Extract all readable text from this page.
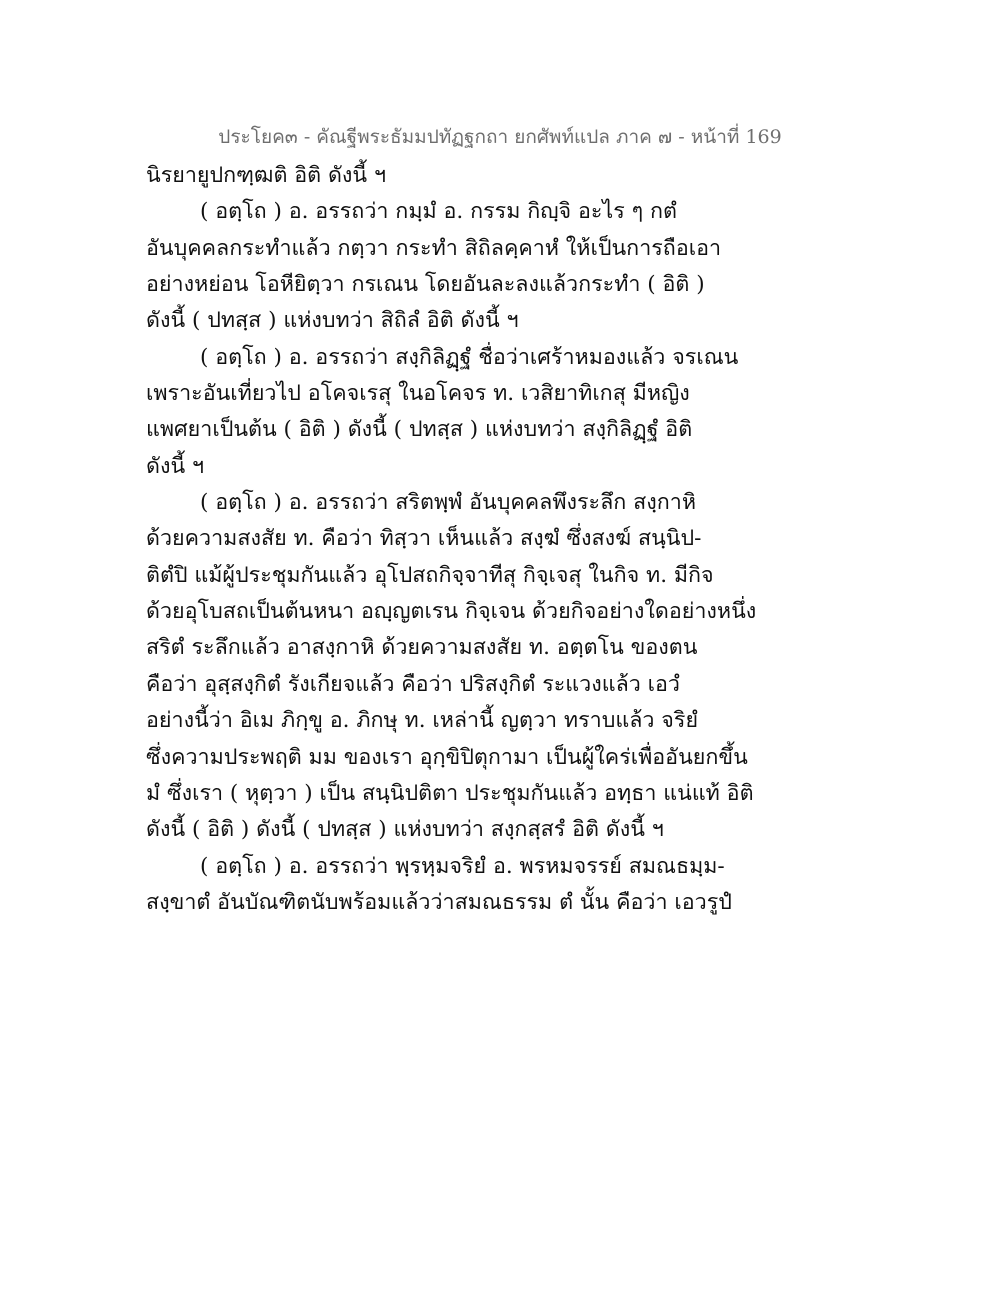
ประโยค๓ - คัณฐีพระธัมมปทัฏฐกถา ยกศัพท์แปล ภาค ๗ - หน้าที่ 169
นิรยายูปกฑฺฒติ อิติ ดังนี้ ฯ
( อตฺโถ ) อ. อรรถว่า กมฺมํ อ. กรรม กิญฺจิ อะไร ๆ กตํ
อันบุคคลกระทำแล้ว กตฺวา กระทำ สิถิลคฺคาหํ ให้เป็นการถือเอา
อย่างหย่อน โอหียิตฺวา กรเณน โดยอันละลงแล้วกระทำ ( อิติ )
ดังนี้ ( ปทสฺส ) แห่งบทว่า สิถิลํ อิติ ดังนี้ ฯ
( อตฺโถ ) อ. อรรถว่า สงฺกิลิฏฺฐํ ชื่อว่าเศร้าหมองแล้ว จรเณน
เพราะอันเที่ยวไป อโคจเรสุ ในอโคจร ท. เวสิยาทิเกสุ มีหญิง
แพศยาเป็นต้น ( อิติ ) ดังนี้ ( ปทสฺส ) แห่งบทว่า สงฺกิลิฏฺฐํ อิติ
ดังนี้ ฯ
( อตฺโถ ) อ. อรรถว่า สริตพฺพํ อันบุคคลพึงระลึก สงฺกาหิ
ด้วยความสงสัย ท. คือว่า ทิสฺวา เห็นแล้ว สงฺฆํ ซึ่งสงฆ์ สนฺนิป-
ติตํปิ แม้ผู้ประชุมกันแล้ว อุโปสถกิจฺจาทีสุ กิจฺเจสุ ในกิจ ท. มีกิจ
ด้วยอุโบสถเป็นต้นหนา อญฺญตเรน กิจฺเจน ด้วยกิจอย่างใดอย่างหนึ่ง
สริตํ ระลึกแล้ว อาสงฺกาหิ ด้วยความสงสัย ท. อตฺตโน ของตน
คือว่า อุสฺสงฺกิตํ รังเกียจแล้ว คือว่า ปริสงฺกิตํ ระแวงแล้ว เอวํ
อย่างนี้ว่า อิเม ภิกฺขู อ. ภิกษุ ท. เหล่านี้ ญตฺวา ทราบแล้ว จริยํ
ซึ่งความประพฤติ มม ของเรา อุกฺขิปิตุกามา เป็นผู้ใคร่เพื่ออันยกขึ้น
มํ ซึ่งเรา ( หุตฺวา ) เป็น สนฺนิปติตา ประชุมกันแล้ว อทฺธา แน่แท้ อิติ
ดังนี้ ( อิติ ) ดังนี้ ( ปทสฺส ) แห่งบทว่า สงฺกสฺสรํ อิติ ดังนี้ ฯ
( อตฺโถ ) อ. อรรถว่า พฺรหฺมจริยํ อ. พรหมจรรย์ สมณธมฺม-
สงฺขาตํ อันบัณฑิตนับพร้อมแล้วว่าสมณธรรม ตํ นั้น คือว่า เอวรูปํ
